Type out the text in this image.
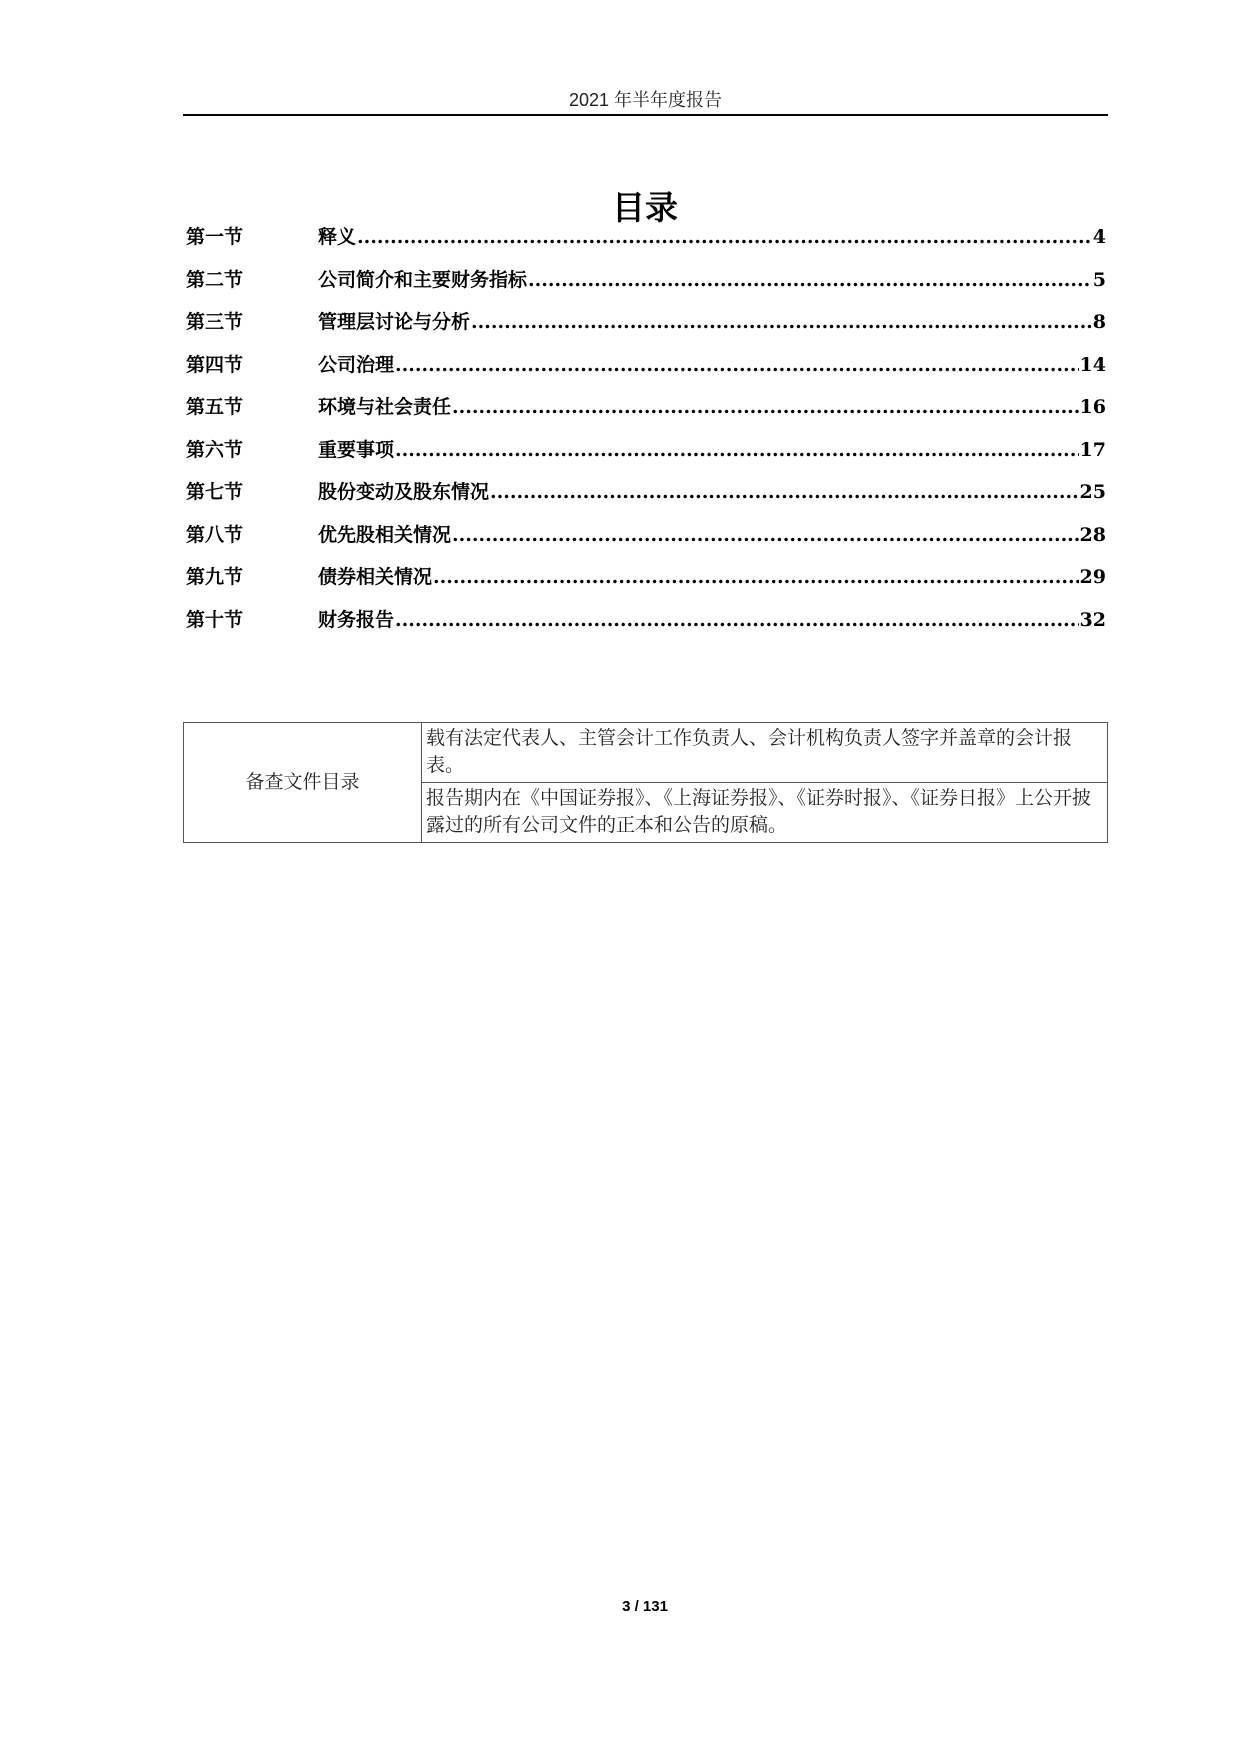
2021 年半年度报告
目录
第一节	释义 .....	4
第二节	公司简介和主要财务指标 .....	5
第三节	管理层讨论与分析 .....	8
第四节	公司治理 .....	14
第五节	环境与社会责任 .....	16
第六节	重要事项 .....	17
第七节	股份变动及股东情况 .....	25
第八节	优先股相关情况 .....	28
第九节	债券相关情况 .....	29
第十节	财务报告 .....	32
备查文件目录	载有法定代表人、主管会计工作负责人、会计机构负责人签字并盖章的会计报表。
报告期内在《中国证券报》、《上海证券报》、《证券时报》、《证券日报》上公开披露过的所有公司文件的正本和公告的原稿。
3 / 131
